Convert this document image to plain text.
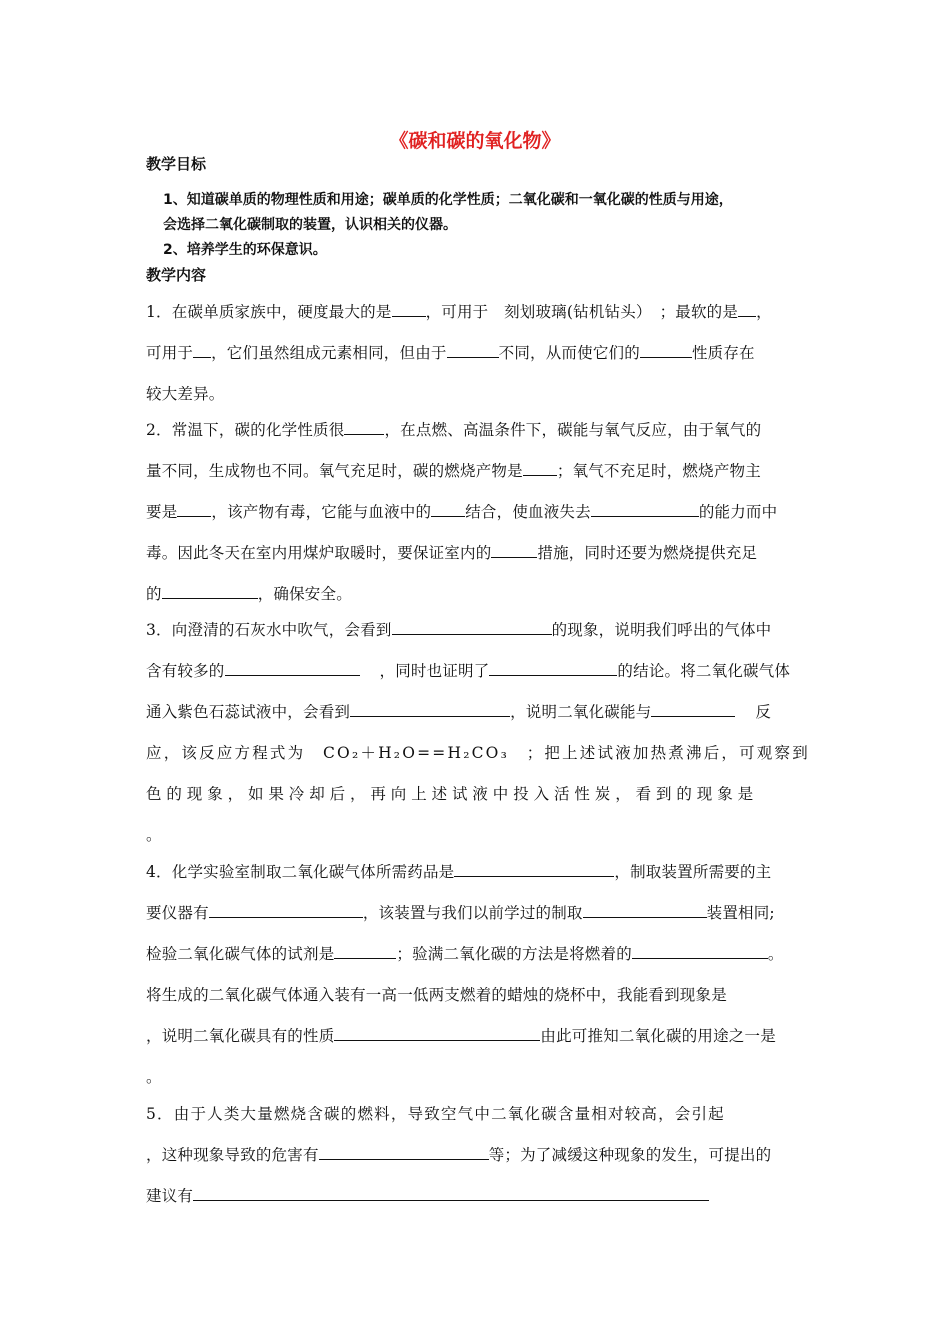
《碳和碳的氧化物》
教学目标
1、知道碳单质的物理性质和用途；碳单质的化学性质；二氧化碳和一氧化碳的性质与用途，
会选择二氧化碳制取的装置，认识相关的仪器。
2、培养学生的环保意识。
教学内容
1．在碳单质家族中，硬度最大的是 ，可用于　刻划玻璃(钻机钻头）　；最软的是 ，
可用于 ，它们虽然组成元素相同，但由于	不同，从而使它们的	性质存在
较大差异。
2．常温下，碳的化学性质很	，在点燃、高温条件下，碳能与氧气反应，由于氧气的
量不同，生成物也不同。氧气充足时，碳的燃烧产物是 ；氧气不充足时，燃烧产物主
要是 ，该产物有毒，它能与血液中的 结合，使血液失去	的能力而中
毒。因此冬天在室内用煤炉取暖时，要保证室内的	措施，同时还要为燃烧提供充足
的	，确保安全。
3．向澄清的石灰水中吹气，会看到	的现象，说明我们呼出的气体中
含有较多的	，同时也证明了	的结论。将二氧化碳气体
通入紫色石蕊试液中，会看到	，说明二氧化碳能与	反
应，该反应方程式为　CO₂＋H₂O==H₂CO₃　；把上述试液加热煮沸后，可观察到
色的现象，如果冷却后，再向上述试液中投入活性炭，看到的现象是
。
4．化学实验室制取二氧化碳气体所需药品是	，制取装置所需要的主
要仪器有	，该装置与我们以前学过的制取	装置相同;
检验二氧化碳气体的试剂是	；验满二氧化碳的方法是将燃着的	。
将生成的二氧化碳气体通入装有一高一低两支燃着的蜡烛的烧杯中，我能看到现象是
，说明二氧化碳具有的性质	由此可推知二氧化碳的用途之一是
。
5．由于人类大量燃烧含碳的燃料，导致空气中二氧化碳含量相对较高，会引起
，这种现象导致的危害有	等；为了减缓这种现象的发生，可提出的
建议有
